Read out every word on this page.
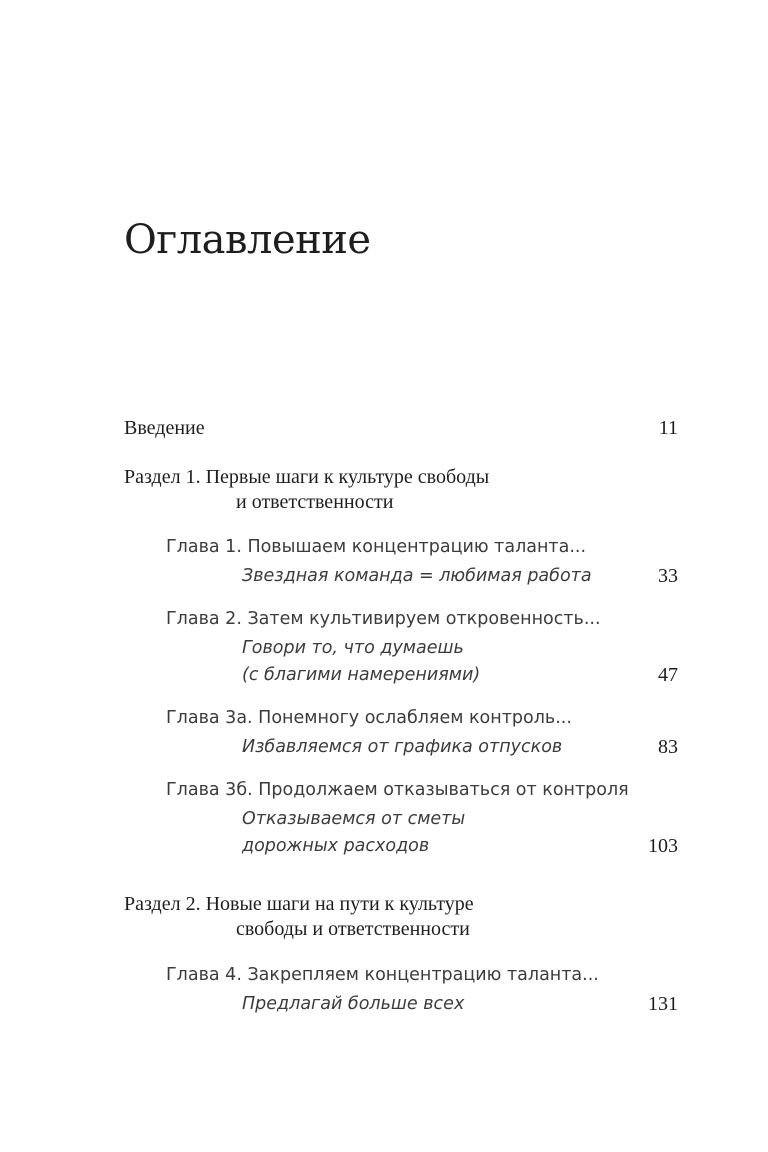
Оглавление
Введение	11
Раздел 1. Первые шаги к культуре свободы
и ответственности
Глава 1. Повышаем концентрацию таланта...
Звездная команда = любимая работа	33
Глава 2. Затем культивируем откровенность...
Говори то, что думаешь
(с благими намерениями)	47
Глава 3а. Понемногу ослабляем контроль...
Избавляемся от графика отпусков	83
Глава 3б. Продолжаем отказываться от контроля
Отказываемся от сметы
дорожных расходов	103
Раздел 2. Новые шаги на пути к культуре
свободы и ответственности
Глава 4. Закрепляем концентрацию таланта...
Предлагай больше всех	131
